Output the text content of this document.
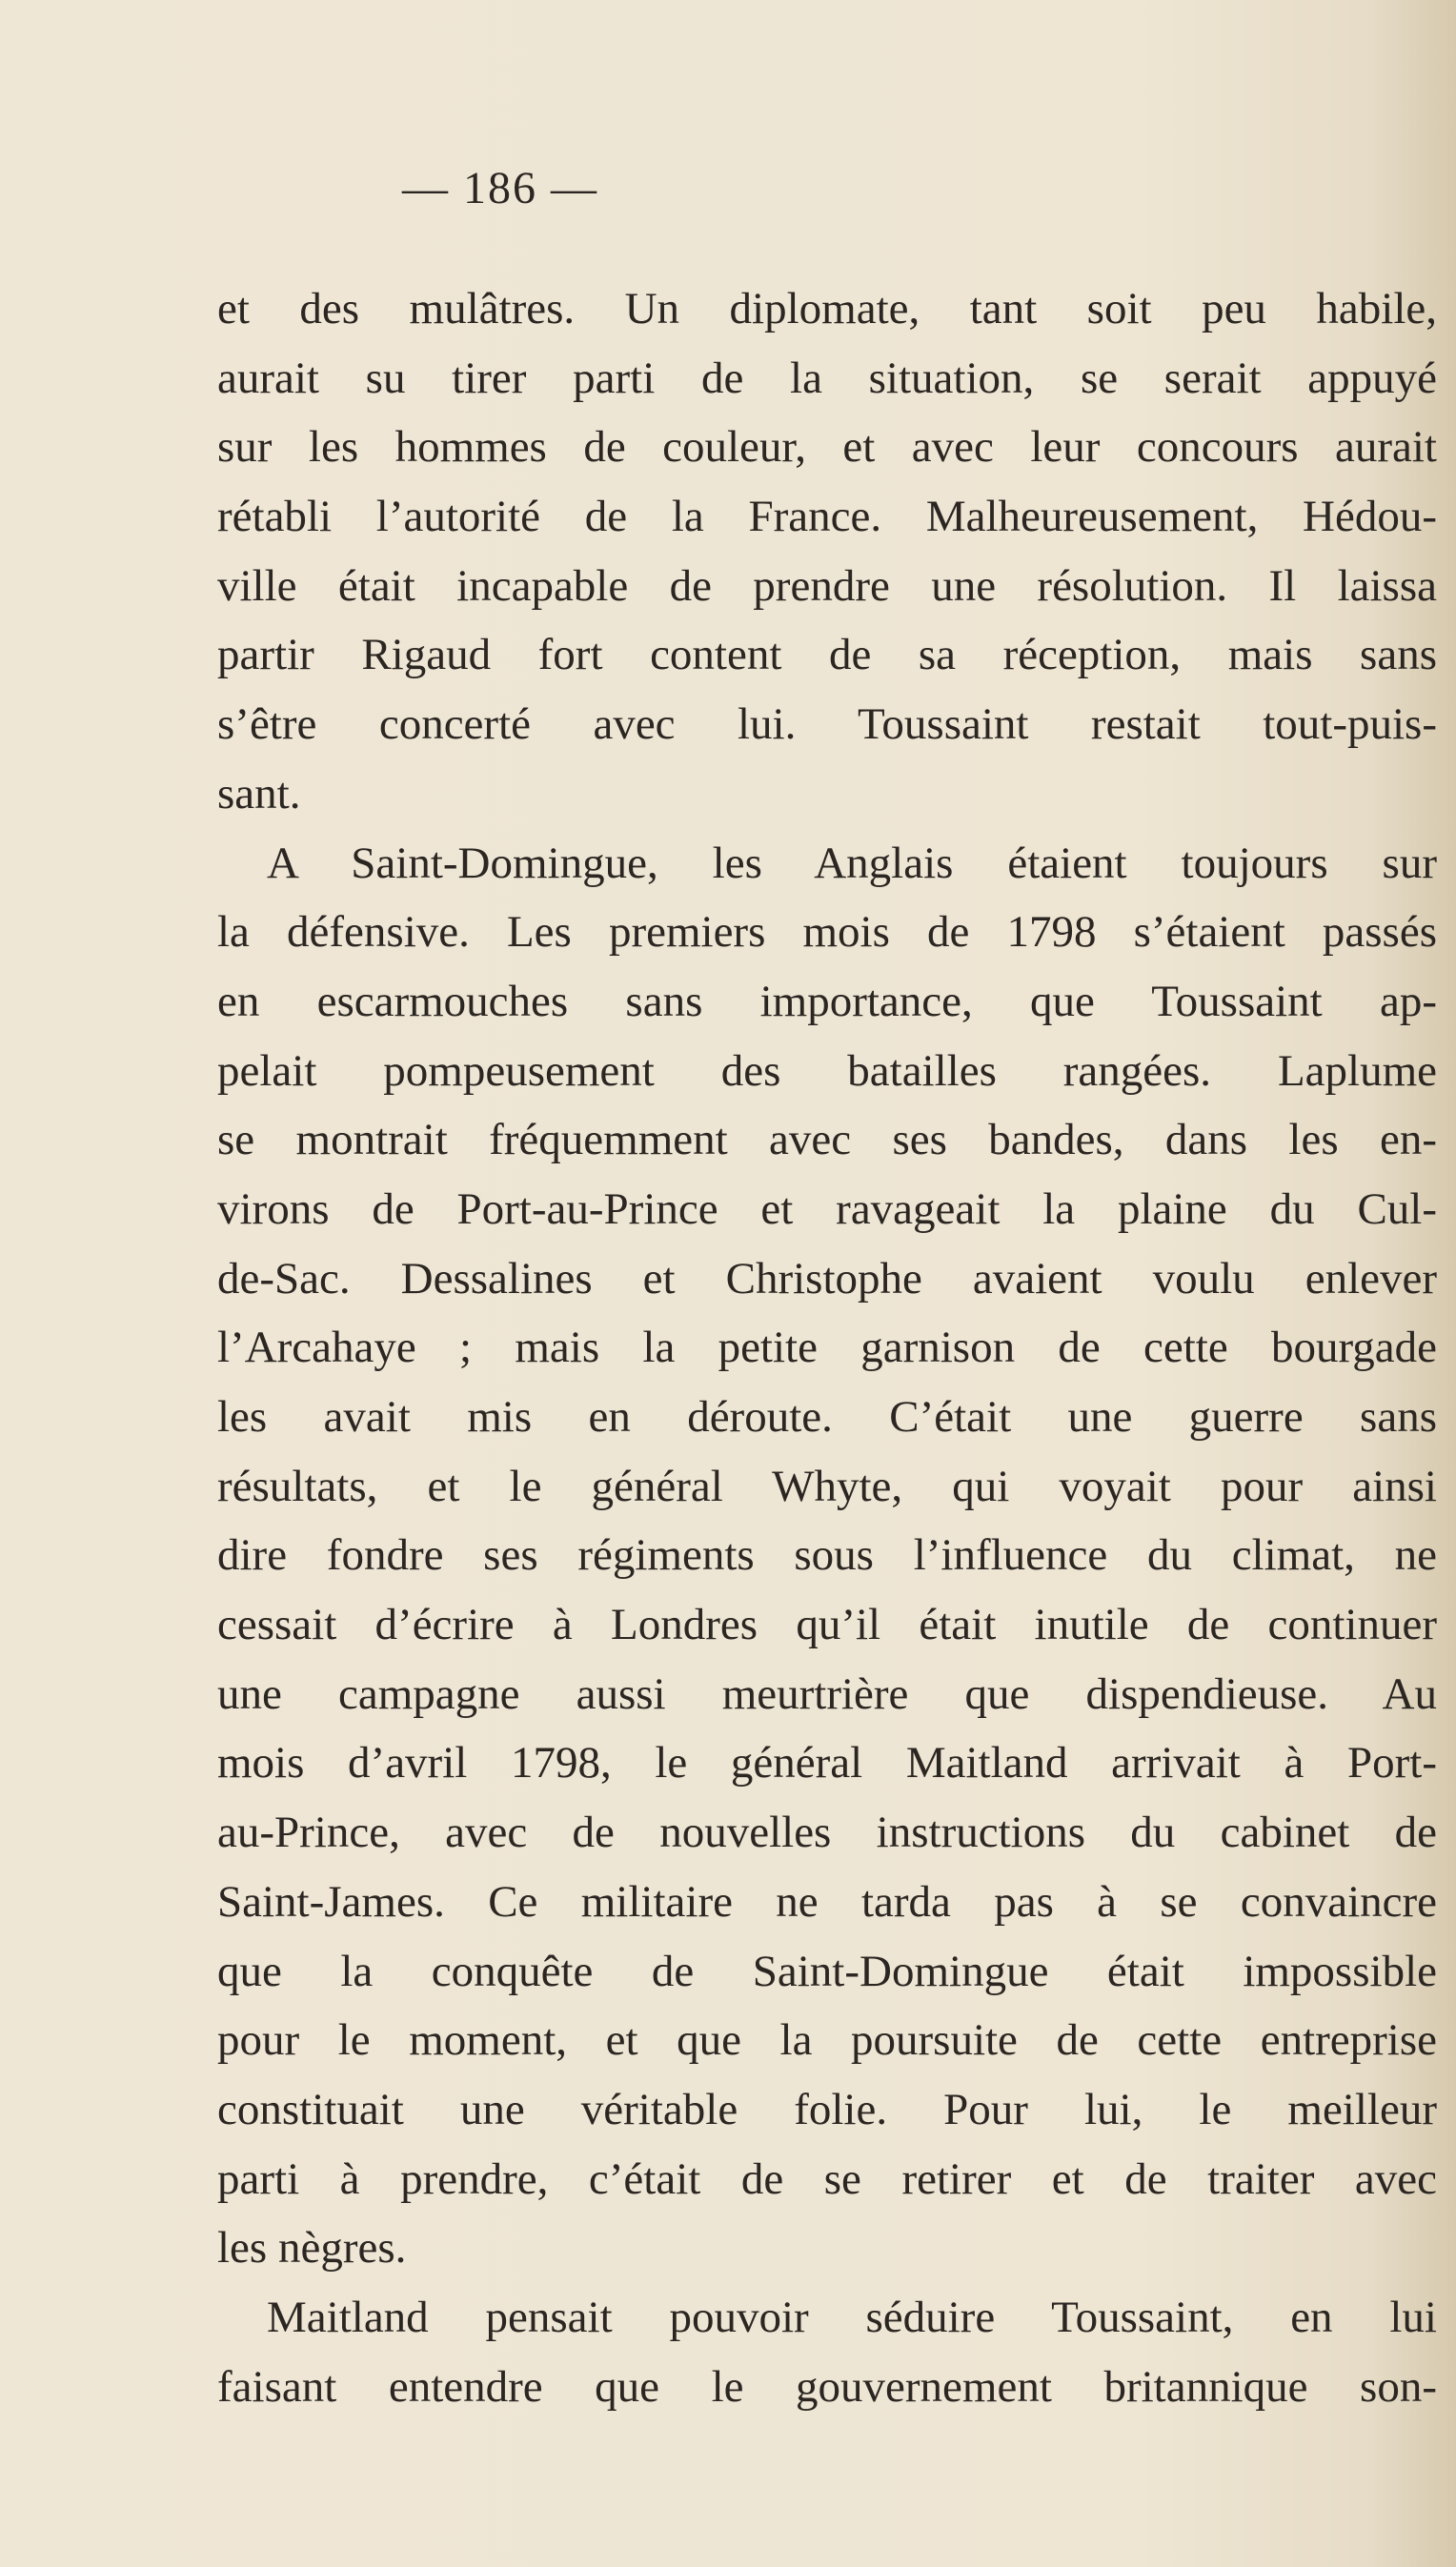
— 186 —
et des mulâtres. Un diplomate, tant soit peu habile,
aurait su tirer parti de la situation, se serait appuyé
sur les hommes de couleur, et avec leur concours aurait
rétabli l’autorité de la France. Malheureusement, Hédou-
ville était incapable de prendre une résolution. Il laissa
partir Rigaud fort content de sa réception, mais sans
s’être concerté avec lui. Toussaint restait tout-puis-
sant.
A Saint-Domingue, les Anglais étaient toujours sur
la défensive. Les premiers mois de 1798 s’étaient passés
en escarmouches sans importance, que Toussaint ap-
pelait pompeusement des batailles rangées. Laplume
se montrait fréquemment avec ses bandes, dans les en-
virons de Port-au-Prince et ravageait la plaine du Cul-
de-Sac. Dessalines et Christophe avaient voulu enlever
l’Arcahaye ; mais la petite garnison de cette bourgade
les avait mis en déroute. C’était une guerre sans
résultats, et le général Whyte, qui voyait pour ainsi
dire fondre ses régiments sous l’influence du climat, ne
cessait d’écrire à Londres qu’il était inutile de continuer
une campagne aussi meurtrière que dispendieuse. Au
mois d’avril 1798, le général Maitland arrivait à Port-
au-Prince, avec de nouvelles instructions du cabinet de
Saint-James. Ce militaire ne tarda pas à se convaincre
que la conquête de Saint-Domingue était impossible
pour le moment, et que la poursuite de cette entreprise
constituait une véritable folie. Pour lui, le meilleur
parti à prendre, c’était de se retirer et de traiter avec
les nègres.
Maitland pensait pouvoir séduire Toussaint, en lui
faisant entendre que le gouvernement britannique son-
